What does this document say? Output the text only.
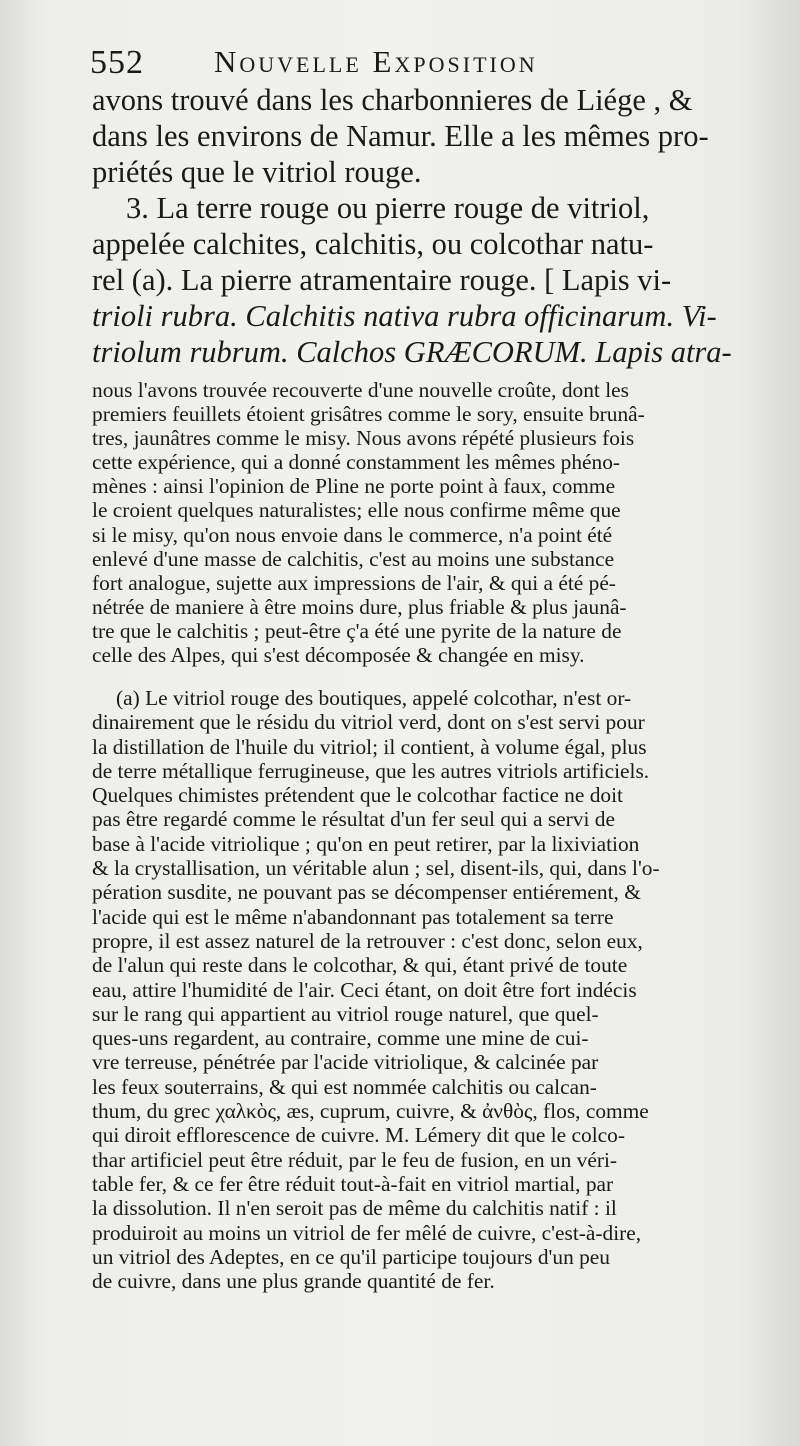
552 Nouvelle Exposition

avons trouvé dans les charbonnieres de Liége , &

dans les environs de Namur. Elle a les mêmes pro-

priétés que le vitriol rouge.

3. La terre rouge ou pierre rouge de vitriol,

appelée calchites, calchitis, ou colcothar natu-

rel (a). La pierre atramentaire rouge. [ Lapis vi-

trioli rubra. Calchitis nativa rubra officinarum. Vi-

triolum rubrum. Calchos GRÆCORUM. Lapis atra-

nous l'avons trouvée recouverte d'une nouvelle croûte, dont les

premiers feuillets étoient grisâtres comme le sory, ensuite brunâ-

tres, jaunâtres comme le misy. Nous avons répété plusieurs fois

cette expérience, qui a donné constamment les mêmes phéno-

mènes : ainsi l'opinion de Pline ne porte point à faux, comme

le croient quelques naturalistes; elle nous confirme même que

si le misy, qu'on nous envoie dans le commerce, n'a point été

enlevé d'une masse de calchitis, c'est au moins une substance

fort analogue, sujette aux impressions de l'air, & qui a été pé-

nétrée de maniere à être moins dure, plus friable & plus jaunâ-

tre que le calchitis ; peut-être ç'a été une pyrite de la nature de

celle des Alpes, qui s'est décomposée & changée en misy.

(a) Le vitriol rouge des boutiques, appelé colcothar, n'est or-

dinairement que le résidu du vitriol verd, dont on s'est servi pour

la distillation de l'huile du vitriol; il contient, à volume égal, plus

de terre métallique ferrugineuse, que les autres vitriols artificiels.

Quelques chimistes prétendent que le colcothar factice ne doit

pas être regardé comme le résultat d'un fer seul qui a servi de

base à l'acide vitriolique ; qu'on en peut retirer, par la lixiviation

& la crystallisation, un véritable alun ; sel, disent-ils, qui, dans l'o-

pération susdite, ne pouvant pas se décompenser entiérement, &

l'acide qui est le même n'abandonnant pas totalement sa terre

propre, il est assez naturel de la retrouver : c'est donc, selon eux,

de l'alun qui reste dans le colcothar, & qui, étant privé de toute

eau, attire l'humidité de l'air. Ceci étant, on doit être fort indécis

sur le rang qui appartient au vitriol rouge naturel, que quel-

ques-uns regardent, au contraire, comme une mine de cui-

vre terreuse, pénétrée par l'acide vitriolique, & calcinée par

les feux souterrains, & qui est nommée calchitis ou calcan-

thum, du grec χαλκὸς, æs, cuprum, cuivre, & ἀνθὸς, flos, comme

qui diroit efflorescence de cuivre. M. Lémery dit que le colco-

thar artificiel peut être réduit, par le feu de fusion, en un véri-

table fer, & ce fer être réduit tout-à-fait en vitriol martial, par

la dissolution. Il n'en seroit pas de même du calchitis natif : il

produiroit au moins un vitriol de fer mêlé de cuivre, c'est-à-dire,

un vitriol des Adeptes, en ce qu'il participe toujours d'un peu

de cuivre, dans une plus grande quantité de fer.
